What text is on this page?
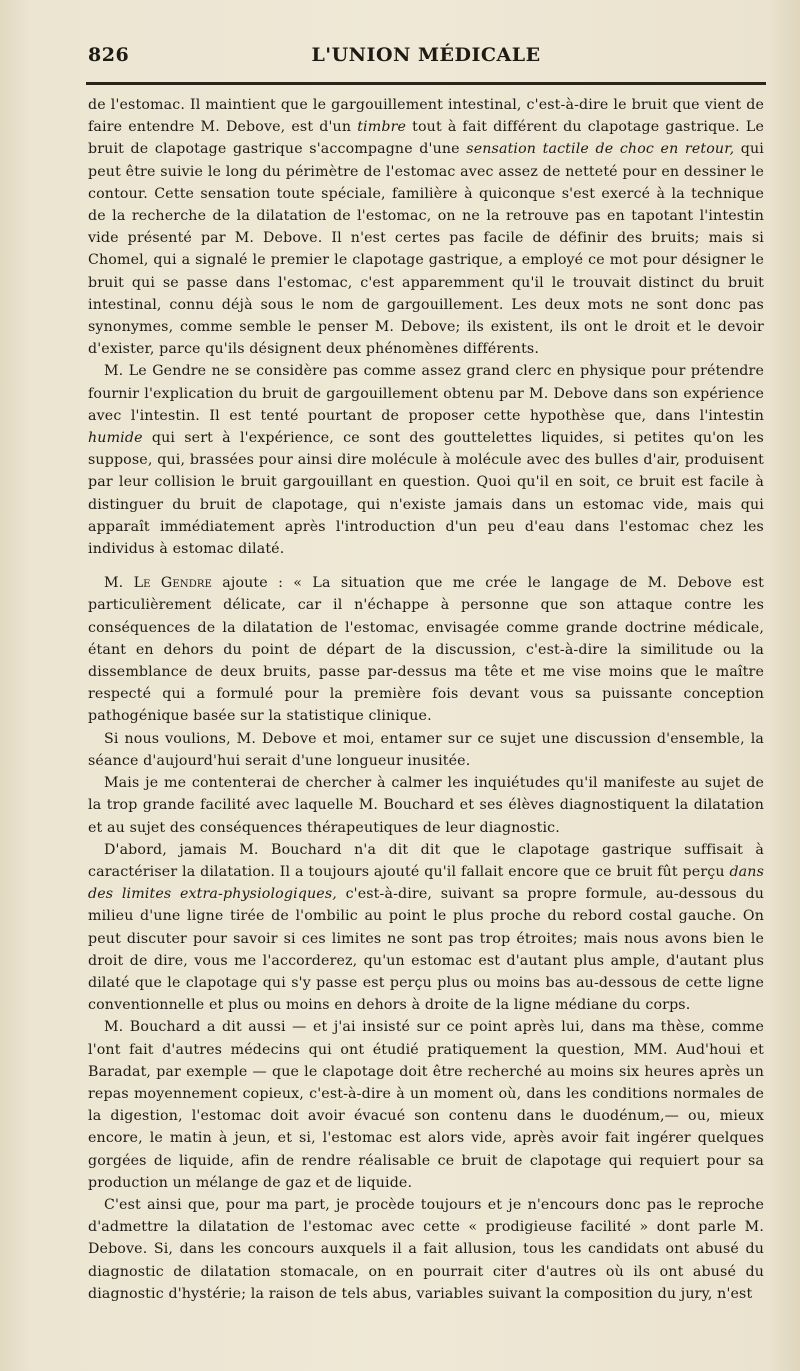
826	L'UNION MÉDICALE

de l'estomac. Il maintient que le gargouillement intestinal, c'est-à-dire le bruit que vient de faire entendre M. Debove, est d'un timbre tout à fait différent du clapotage gastrique. Le bruit de clapotage gastrique s'accompagne d'une sensation tactile de choc en retour, qui peut être suivie le long du périmètre de l'estomac avec assez de netteté pour en dessiner le contour. Cette sensation toute spéciale, familière à quiconque s'est exercé à la technique de la recherche de la dilatation de l'estomac, on ne la retrouve pas en tapotant l'intestin vide présenté par M. Debove. Il n'est certes pas facile de définir des bruits; mais si Chomel, qui a signalé le premier le clapotage gastrique, a employé ce mot pour désigner le bruit qui se passe dans l'estomac, c'est apparemment qu'il le trouvait distinct du bruit intestinal, connu déjà sous le nom de gargouillement. Les deux mots ne sont donc pas synonymes, comme semble le penser M. Debove; ils existent, ils ont le droit et le devoir d'exister, parce qu'ils désignent deux phénomènes différents.

M. Le Gendre ne se considère pas comme assez grand clerc en physique pour prétendre fournir l'explication du bruit de gargouillement obtenu par M. Debove dans son expérience avec l'intestin. Il est tenté pourtant de proposer cette hypothèse que, dans l'intestin humide qui sert à l'expérience, ce sont des gouttelettes liquides, si petites qu'on les suppose, qui, brassées pour ainsi dire molécule à molécule avec des bulles d'air, produisent par leur collision le bruit gargouillant en question. Quoi qu'il en soit, ce bruit est facile à distinguer du bruit de clapotage, qui n'existe jamais dans un estomac vide, mais qui apparaît immédiatement après l'introduction d'un peu d'eau dans l'estomac chez les individus à estomac dilaté.

M. Le Gendre ajoute : « La situation que me crée le langage de M. Debove est particulièrement délicate, car il n'échappe à personne que son attaque contre les conséquences de la dilatation de l'estomac, envisagée comme grande doctrine médicale, étant en dehors du point de départ de la discussion, c'est-à-dire la similitude ou la dissemblance de deux bruits, passe par-dessus ma tête et me vise moins que le maître respecté qui a formulé pour la première fois devant vous sa puissante conception pathogénique basée sur la statistique clinique.

Si nous voulions, M. Debove et moi, entamer sur ce sujet une discussion d'ensemble, la séance d'aujourd'hui serait d'une longueur inusitée.

Mais je me contenterai de chercher à calmer les inquiétudes qu'il manifeste au sujet de la trop grande facilité avec laquelle M. Bouchard et ses élèves diagnostiquent la dilatation et au sujet des conséquences thérapeutiques de leur diagnostic.

D'abord, jamais M. Bouchard n'a dit dit que le clapotage gastrique suffisait à caractériser la dilatation. Il a toujours ajouté qu'il fallait encore que ce bruit fût perçu dans des limites extra-physiologiques, c'est-à-dire, suivant sa propre formule, au-dessous du milieu d'une ligne tirée de l'ombilic au point le plus proche du rebord costal gauche. On peut discuter pour savoir si ces limites ne sont pas trop étroites; mais nous avons bien le droit de dire, vous me l'accorderez, qu'un estomac est d'autant plus ample, d'autant plus dilaté que le clapotage qui s'y passe est perçu plus ou moins bas au-dessous de cette ligne conventionnelle et plus ou moins en dehors à droite de la ligne médiane du corps.

M. Bouchard a dit aussi — et j'ai insisté sur ce point après lui, dans ma thèse, comme l'ont fait d'autres médecins qui ont étudié pratiquement la question, MM. Aud'houi et Baradat, par exemple — que le clapotage doit être recherché au moins six heures après un repas moyennement copieux, c'est-à-dire à un moment où, dans les conditions normales de la digestion, l'estomac doit avoir évacué son contenu dans le duodénum,— ou, mieux encore, le matin à jeun, et si, l'estomac est alors vide, après avoir fait ingérer quelques gorgées de liquide, afin de rendre réalisable ce bruit de clapotage qui requiert pour sa production un mélange de gaz et de liquide.

C'est ainsi que, pour ma part, je procède toujours et je n'encours donc pas le reproche d'admettre la dilatation de l'estomac avec cette « prodigieuse facilité » dont parle M. Debove. Si, dans les concours auxquels il a fait allusion, tous les candidats ont abusé du diagnostic de dilatation stomacale, on en pourrait citer d'autres où ils ont abusé du diagnostic d'hystérie; la raison de tels abus, variables suivant la composition du jury, n'est
